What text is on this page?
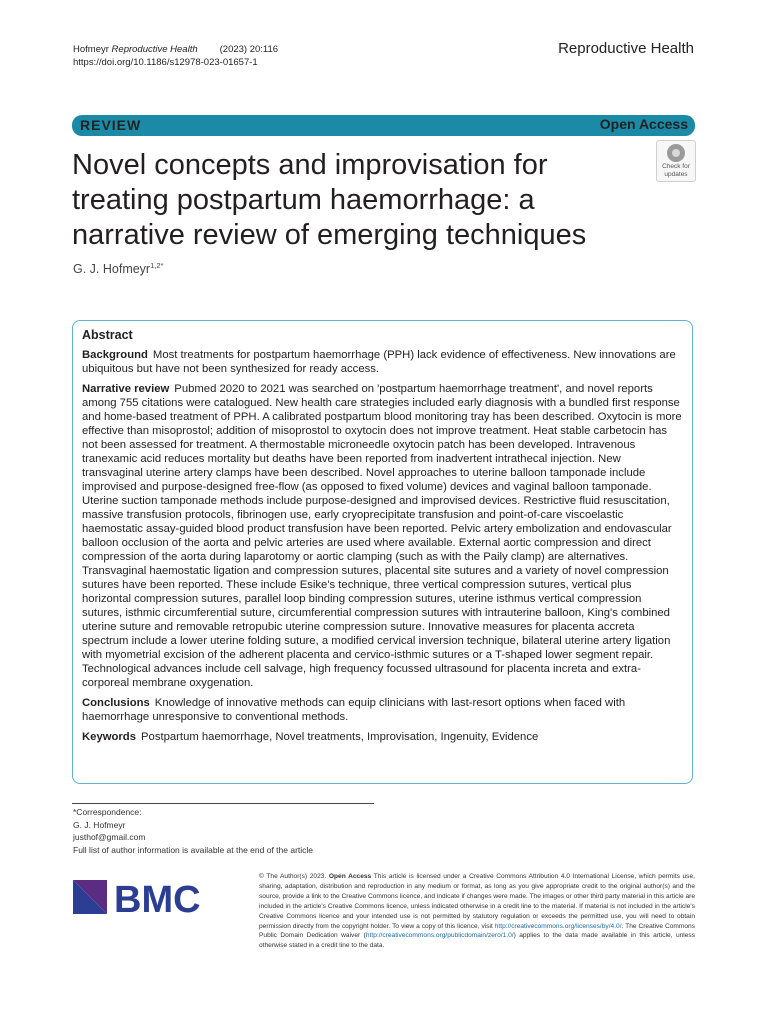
Hofmeyr Reproductive Health (2023) 20:116
https://doi.org/10.1186/s12978-023-01657-1
Reproductive Health
REVIEW	Open Access
Novel concepts and improvisation for treating postpartum haemorrhage: a narrative review of emerging techniques
Check for
updates
G. J. Hofmeyr$^{1,2*}$
Abstract

Background Most treatments for postpartum haemorrhage (PPH) lack evidence of effectiveness. New innovations are ubiquitous but have not been synthesized for ready access.

Narrative review Pubmed 2020 to 2021 was searched on 'postpartum haemorrhage treatment', and novel reports among 755 citations were catalogued. New health care strategies included early diagnosis with a bundled first response and home-based treatment of PPH. A calibrated postpartum blood monitoring tray has been described. Oxytocin is more effective than misoprostol; addition of misoprostol to oxytocin does not improve treatment. Heat stable carbetocin has not been assessed for treatment. A thermostable microneedle oxytocin patch has been developed. Intravenous tranexamic acid reduces mortality but deaths have been reported from inadvertent intrathecal injection. New transvaginal uterine artery clamps have been described. Novel approaches to uterine balloon tamponade include improvised and purpose-designed free-flow (as opposed to fixed volume) devices and vaginal balloon tamponade. Uterine suction tamponade methods include purpose-designed and improvised devices. Restrictive fluid resuscitation, massive transfusion protocols, fibrinogen use, early cryoprecipitate transfusion and point-of-care viscoelastic haemostatic assay-guided blood product transfusion have been reported. Pelvic artery embolization and endovascular balloon occlusion of the aorta and pelvic arteries are used where available. External aortic compression and direct compression of the aorta during laparotomy or aortic clamping (such as with the Paily clamp) are alternatives. Transvaginal haemostatic ligation and compression sutures, placental site sutures and a variety of novel compression sutures have been reported. These include Esike's technique, three vertical compression sutures, vertical plus horizontal compression sutures, parallel loop binding compression sutures, uterine isthmus vertical compression sutures, isthmic circumferential suture, circumferential compression sutures with intrauterine balloon, King's combined uterine suture and removable retropubic uterine compression suture. Innovative measures for placenta accreta spectrum include a lower uterine folding suture, a modified cervical inversion technique, bilateral uterine artery ligation with myometrial excision of the adherent placenta and cervico-isthmic sutures or a T-shaped lower segment repair. Technological advances include cell salvage, high frequency focussed ultrasound for placenta increta and extra-corporeal membrane oxygenation.

Conclusions Knowledge of innovative methods can equip clinicians with last-resort options when faced with haemorrhage unresponsive to conventional methods.

Keywords Postpartum haemorrhage, Novel treatments, Improvisation, Ingenuity, Evidence

*Correspondence:
G. J. Hofmeyr
justhof@gmail.com
Full list of author information is available at the end of the article
BMC
© The Author(s) 2023. Open Access This article is licensed under a Creative Commons Attribution 4.0 International License, which permits use, sharing, adaptation, distribution and reproduction in any medium or format, as long as you give appropriate credit to the original author(s) and the source, provide a link to the Creative Commons licence, and indicate if changes were made. The images or other third party material in this article are included in the article's Creative Commons licence, unless indicated otherwise in a credit line to the material. If material is not included in the article's Creative Commons licence and your intended use is not permitted by statutory regulation or exceeds the permitted use, you will need to obtain permission directly from the copyright holder. To view a copy of this licence, visit http://creativecommons.org/licenses/by/4.0/. The Creative Commons Public Domain Dedication waiver (http://creativecommons.org/publicdomain/zero/1.0/) applies to the data made available in this article, unless otherwise stated in a credit line to the data.
